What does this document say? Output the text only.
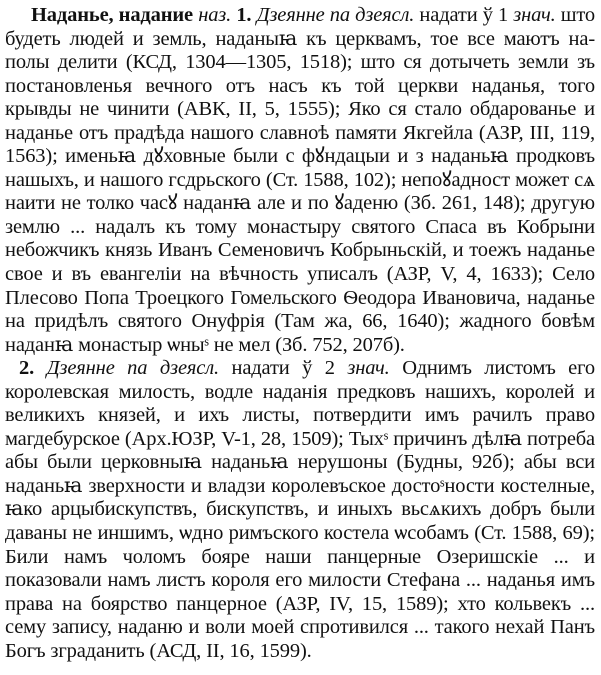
Наданье, надание наз. 1. Дзеянне па дзеясл. надати ў 1 знач. што будеть людей и земль, наданыꙗ къ церквамъ, тое все маютъ на-полы делити (КСД, 1304—1305, 1518); што ся дотычеть земли зъ постановленья вечного отъ насъ къ той церкви наданья, того крывды не чинити (АВК, II, 5, 1555); Яко ся стало обдарованье и наданье отъ прадѣда нашого славноѣ памяти Якгейла (АЗР, III, 119, 1563); именьꙗ дꙋховные были с фꙋндацыи и з наданьꙗ продковъ нашыхъ, и нашого гсдрьского (Ст. 1588, 102); непоꙋадност может сѧ наити не толко часꙋ наданꙗ але и по ꙋаденю (Зб. 261, 148); другую землю ... надалъ къ тому монастыру святого Спаса въ Кобрыни небожчикъ князь Иванъ Семеновичъ Кобрыньскій, и тоежъ наданье свое и въ евангеліи на вѣчность уписалъ (АЗР, V, 4, 1633); Село Плесово Попа Троецкого Гомельского Ѳеодора Ивановича, наданье на придѣлъ святого Онуфрія (Там жа, 66, 1640); жадного бовѣм наданꙗ монастыр ѡныˢ не мел (Зб. 752, 207б).

2. Дзеянне па дзеясл. надати ў 2 знач. Однимъ листомъ его королевская милость, водле наданія предковъ нашихъ, королей и великихъ князей, и ихъ листы, потвердити имъ рачилъ право магдебурское (Арх.ЮЗР, V-1, 28, 1509); Тыхˢ причинъ дѣлꙗ потреба абы были церковныꙗ наданьꙗ нерушоны (Будны, 92б); абы вси наданьꙗ зверхности и владзи королевъское достоˢности костелные, ꙗко арцыбискупствъ, бискупствъ, и иныхъ вьсѧкихъ добръ были даваны не иншимъ, ѡдно римъского костела ѡсобамъ (Ст. 1588, 69); Били намъ чоломъ бояре наши панцерные Озеришскіе ... и показовали намъ листъ короля его милости Стефана ... наданья имъ права на боярство панцерное (АЗР, IV, 15, 1589); хто кольвекъ ... сему запису, наданю и воли моей спротивился ... такого нехай Панъ Богъ зграданить (АСД, II, 16, 1599).
